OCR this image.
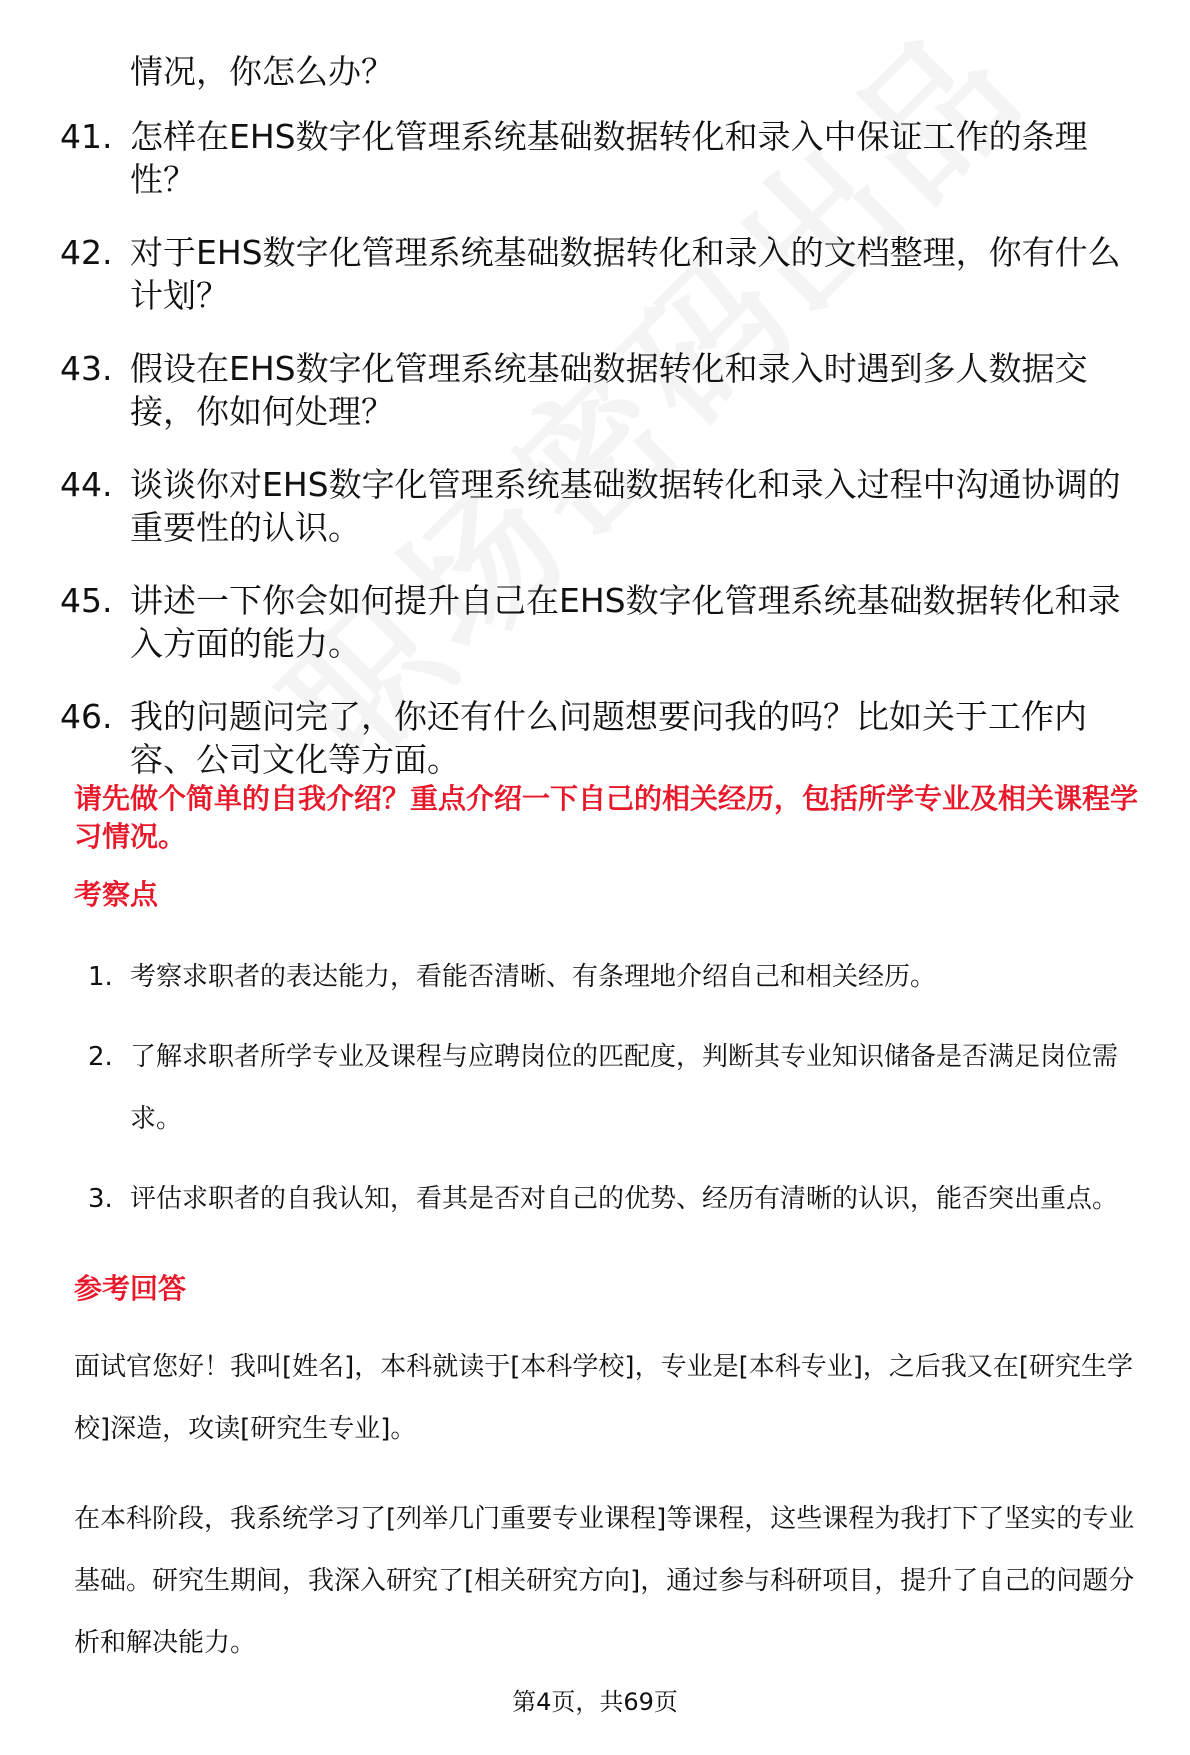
情况，你怎么办？
41. 怎样在EHS数字化管理系统基础数据转化和录入中保证工作的条理性？
42. 对于EHS数字化管理系统基础数据转化和录入的文档整理，你有什么计划？
43. 假设在EHS数字化管理系统基础数据转化和录入时遇到多人数据交接，你如何处理？
44. 谈谈你对EHS数字化管理系统基础数据转化和录入过程中沟通协调的重要性的认识。
45. 讲述一下你会如何提升自己在EHS数字化管理系统基础数据转化和录入方面的能力。
46. 我的问题问完了，你还有什么问题想要问我的吗？比如关于工作内容、公司文化等方面。
请先做个简单的自我介绍？重点介绍一下自己的相关经历，包括所学专业及相关课程学习情况。
考察点
1. 考察求职者的表达能力，看能否清晰、有条理地介绍自己和相关经历。
2. 了解求职者所学专业及课程与应聘岗位的匹配度，判断其专业知识储备是否满足岗位需求。
3. 评估求职者的自我认知，看其是否对自己的优势、经历有清晰的认识，能否突出重点。
参考回答

面试官您好！我叫[姓名]，本科就读于[本科学校]，专业是[本科专业]，之后我又在[研究生学校]深造，攻读[研究生专业]。

在本科阶段，我系统学习了[列举几门重要专业课程]等课程，这些课程为我打下了坚实的专业基础。研究生期间，我深入研究了[相关研究方向]，通过参与科研项目，提升了自己的问题分析和解决能力。

第4页，共69页
